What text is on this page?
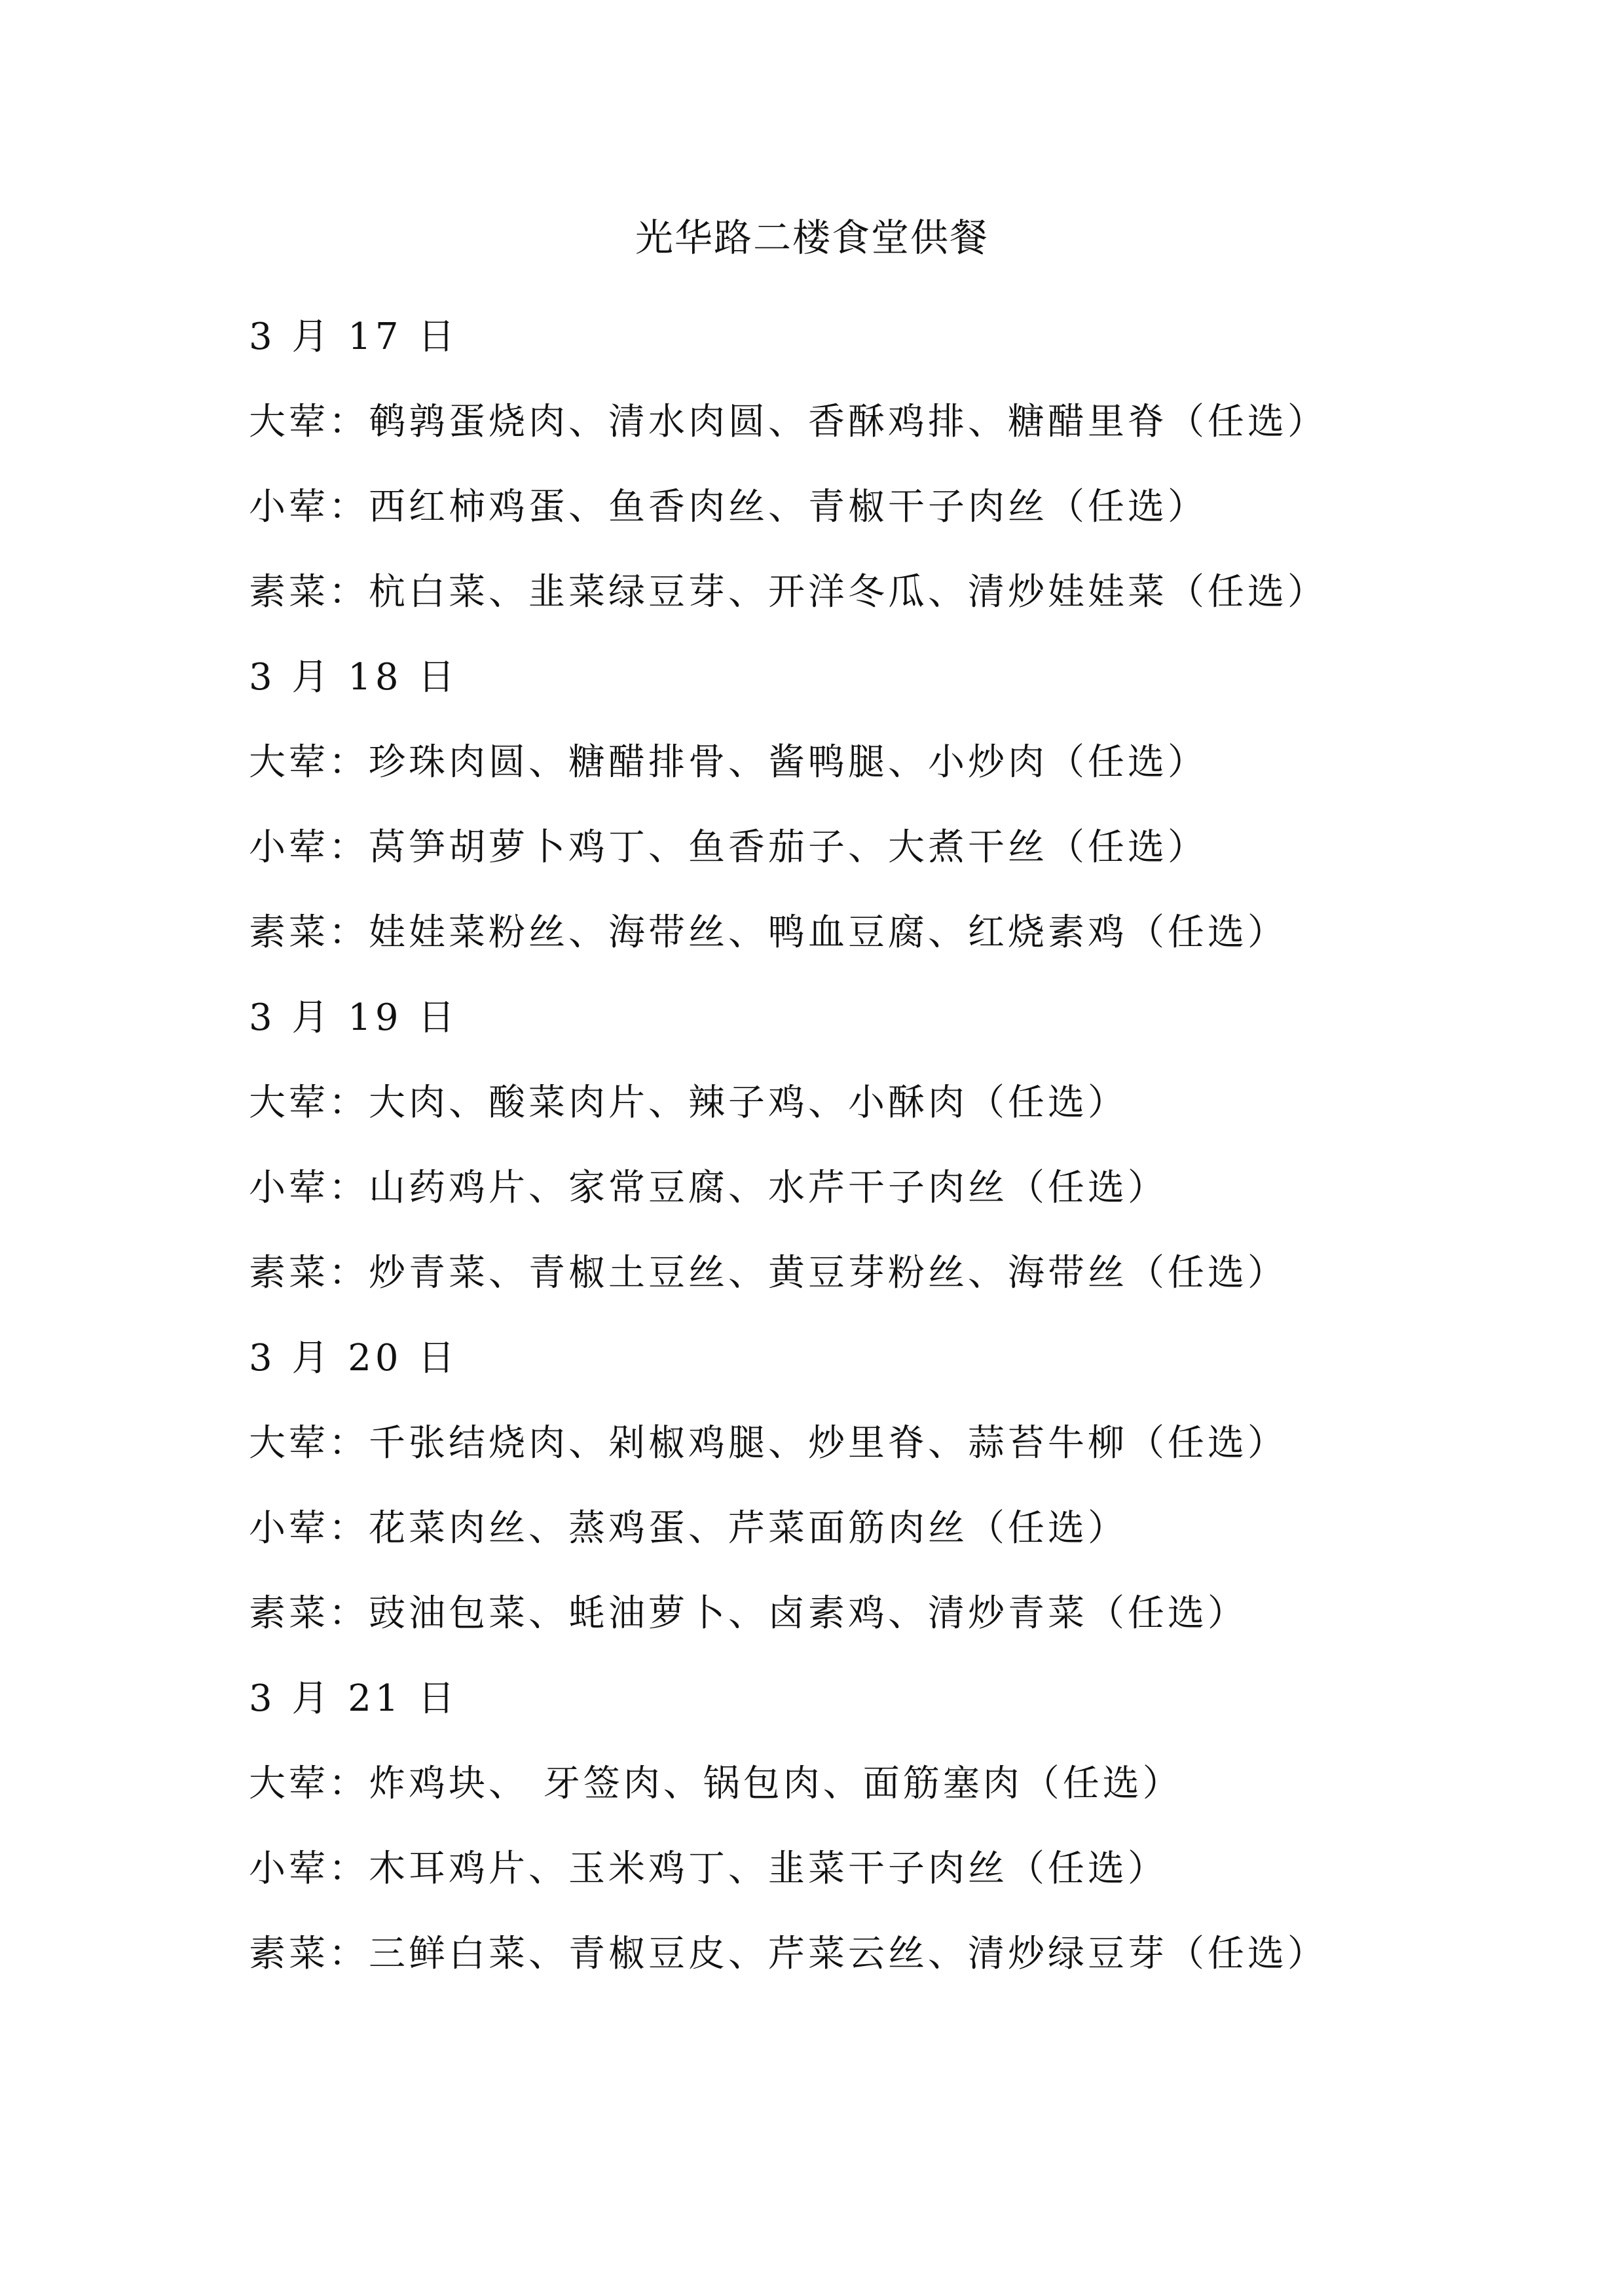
光华路二楼食堂供餐
3 月 17 日
大荤：鹌鹑蛋烧肉、清水肉圆、香酥鸡排、糖醋里脊（任选）
小荤：西红柿鸡蛋、鱼香肉丝、青椒干子肉丝（任选）
素菜：杭白菜、韭菜绿豆芽、开洋冬瓜、清炒娃娃菜（任选）
3 月 18 日
大荤：珍珠肉圆、糖醋排骨、酱鸭腿、小炒肉（任选）
小荤：莴笋胡萝卜鸡丁、鱼香茄子、大煮干丝（任选）
素菜：娃娃菜粉丝、海带丝、鸭血豆腐、红烧素鸡（任选）
3 月 19 日
大荤：大肉、酸菜肉片、辣子鸡、小酥肉（任选）
小荤：山药鸡片、家常豆腐、水芹干子肉丝（任选）
素菜：炒青菜、青椒土豆丝、黄豆芽粉丝、海带丝（任选）
3 月 20 日
大荤：千张结烧肉、剁椒鸡腿、炒里脊、蒜苔牛柳（任选）
小荤：花菜肉丝、蒸鸡蛋、芹菜面筋肉丝（任选）
素菜：豉油包菜、蚝油萝卜、卤素鸡、清炒青菜（任选）
3 月 21 日
大荤：炸鸡块、 牙签肉、锅包肉、面筋塞肉（任选）
小荤：木耳鸡片、玉米鸡丁、韭菜干子肉丝（任选）
素菜：三鲜白菜、青椒豆皮、芹菜云丝、清炒绿豆芽（任选）
